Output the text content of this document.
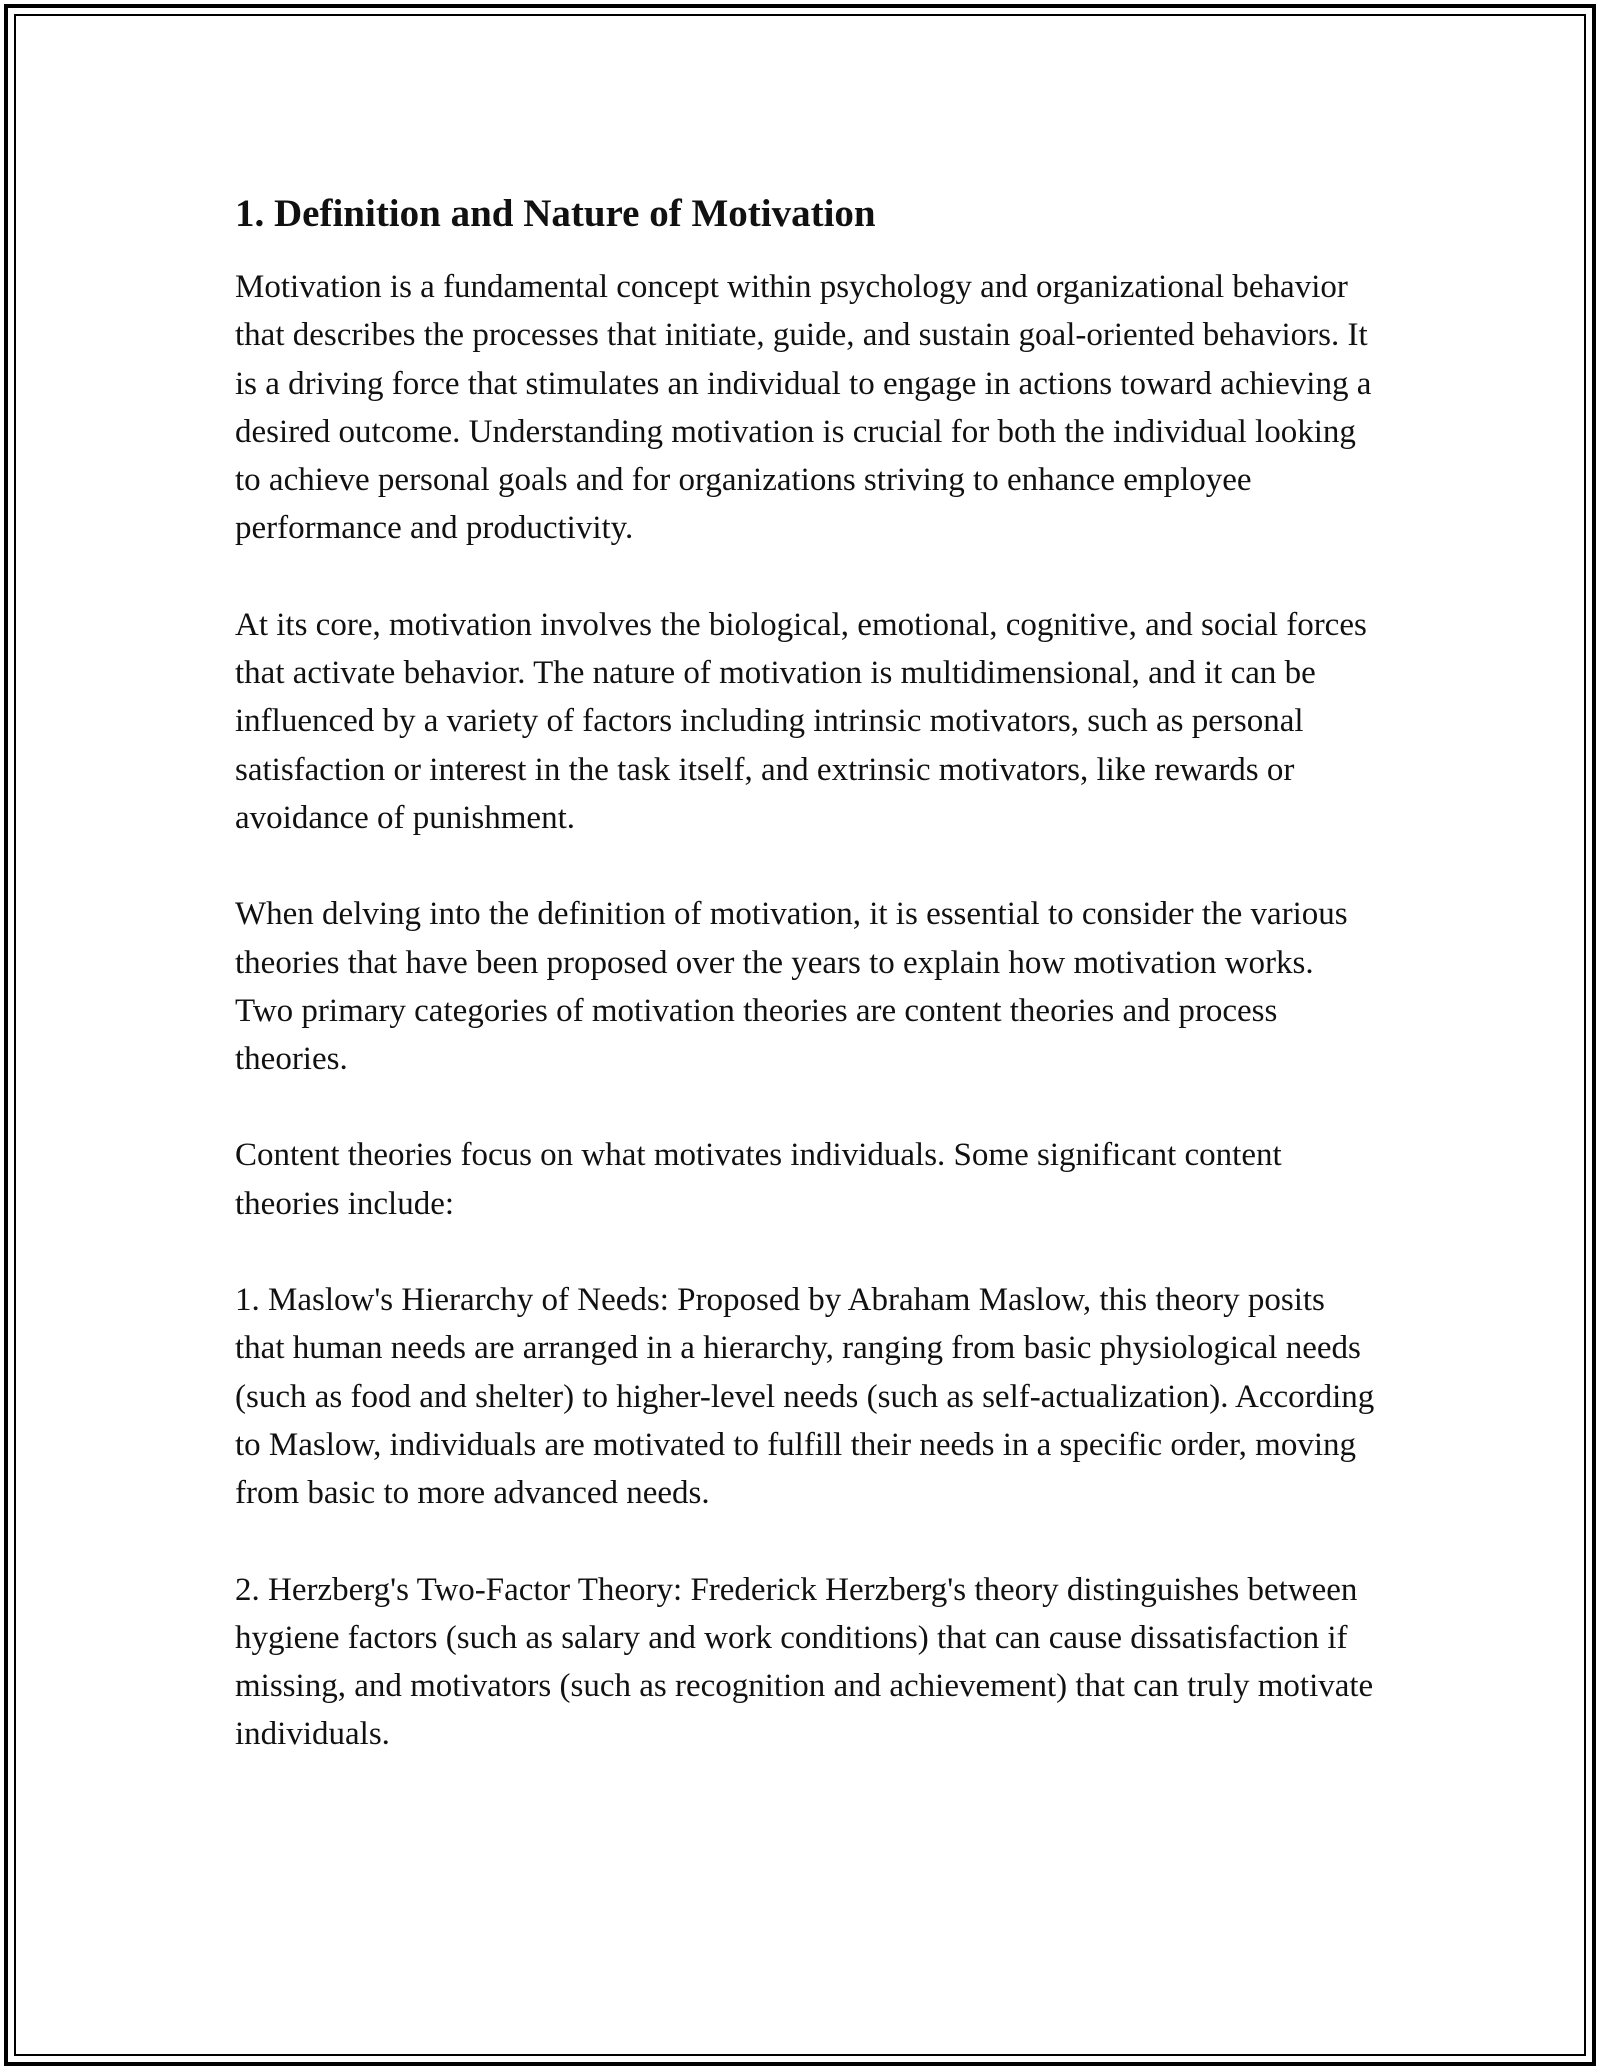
1. Definition and Nature of Motivation

Motivation is a fundamental concept within psychology and organizational behavior that describes the processes that initiate, guide, and sustain goal-oriented behaviors. It is a driving force that stimulates an individual to engage in actions toward achieving a desired outcome. Understanding motivation is crucial for both the individual looking to achieve personal goals and for organizations striving to enhance employee performance and productivity.

At its core, motivation involves the biological, emotional, cognitive, and social forces that activate behavior. The nature of motivation is multidimensional, and it can be influenced by a variety of factors including intrinsic motivators, such as personal satisfaction or interest in the task itself, and extrinsic motivators, like rewards or avoidance of punishment.

When delving into the definition of motivation, it is essential to consider the various theories that have been proposed over the years to explain how motivation works. Two primary categories of motivation theories are content theories and process theories.

Content theories focus on what motivates individuals. Some significant content theories include:

1. Maslow's Hierarchy of Needs: Proposed by Abraham Maslow, this theory posits that human needs are arranged in a hierarchy, ranging from basic physiological needs (such as food and shelter) to higher-level needs (such as self-actualization). According to Maslow, individuals are motivated to fulfill their needs in a specific order, moving from basic to more advanced needs.

2. Herzberg's Two-Factor Theory: Frederick Herzberg's theory distinguishes between hygiene factors (such as salary and work conditions) that can cause dissatisfaction if missing, and motivators (such as recognition and achievement) that can truly motivate individuals.
